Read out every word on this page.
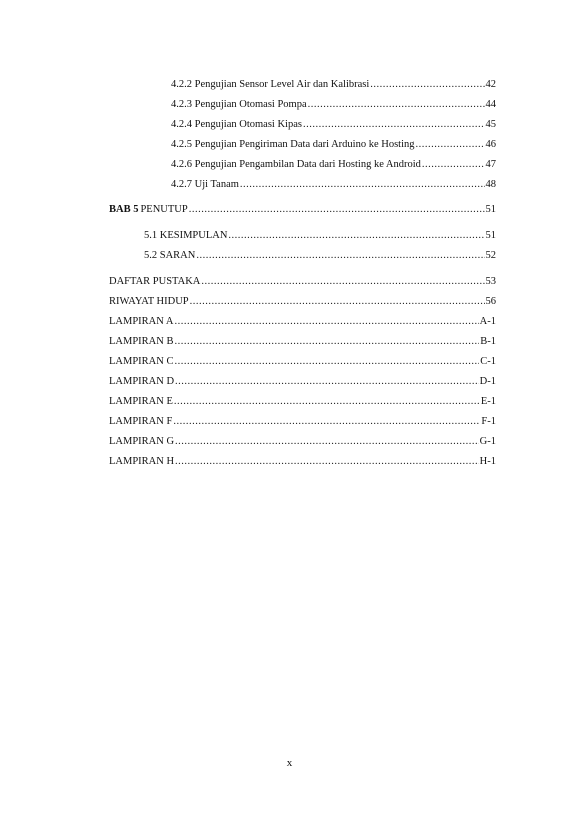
4.2.2 Pengujian Sensor Level Air dan Kalibrasi .....	42
4.2.3 Pengujian Otomasi Pompa .....	44
4.2.4 Pengujian Otomasi Kipas .....	45
4.2.5 Pengujian Pengiriman Data dari Arduino ke Hosting .....	46
4.2.6 Pengujian Pengambilan Data dari Hosting ke Android .....	47
4.2.7 Uji Tanam .....	48
BAB 5 PENUTUP .....	51
5.1 KESIMPULAN .....	51
5.2 SARAN .....	52
DAFTAR PUSTAKA .....	53
RIWAYAT HIDUP .....	56
LAMPIRAN A .....	A-1
LAMPIRAN B .....	B-1
LAMPIRAN C .....	C-1
LAMPIRAN D .....	D-1
LAMPIRAN E .....	E-1
LAMPIRAN F .....	F-1
LAMPIRAN G .....	G-1
LAMPIRAN H .....	H-1
x
